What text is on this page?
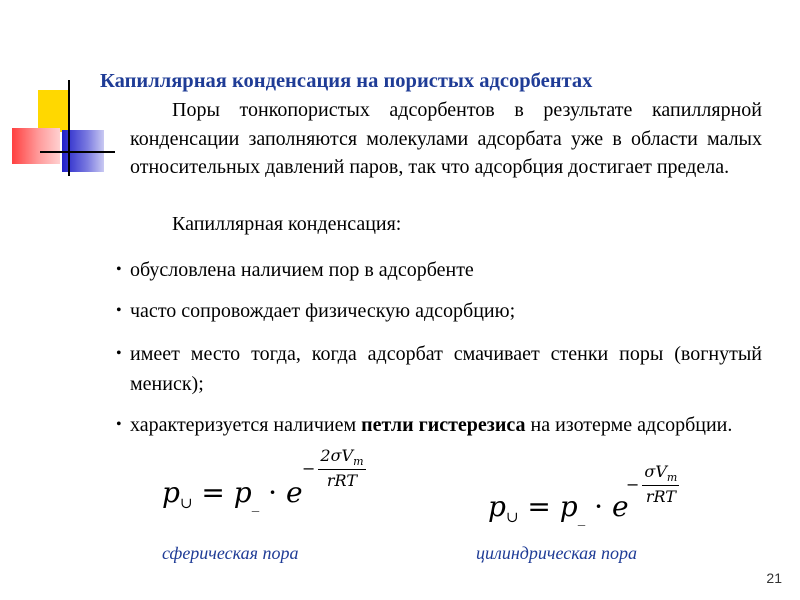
Капиллярная конденсация на пористых адсорбентах

Поры тонкопористых адсорбентов в результате капиллярной конденсации заполняются молекулами адсорбата уже в области малых относительных давлений паров, так что адсорбция достигает предела.

Капиллярная конденсация:
• обусловлена наличием пор в адсорбенте
• часто сопровождает физическую адсорбцию;
• имеет место тогда, когда адсорбат смачивает стенки поры (вогнутый мениск);
• характеризуется наличием петли гистерезиса на изотерме адсорбции.
$p_\cup = p_{\_} \cdot e$
− $\frac{2\sigma V_m}{\text{rRT}}$
$p_\cup = p_{\_} \cdot e$
− $\frac{\sigma V_m}{\text{rRT}}$
сферическая пора	цилиндрическая пора
21
